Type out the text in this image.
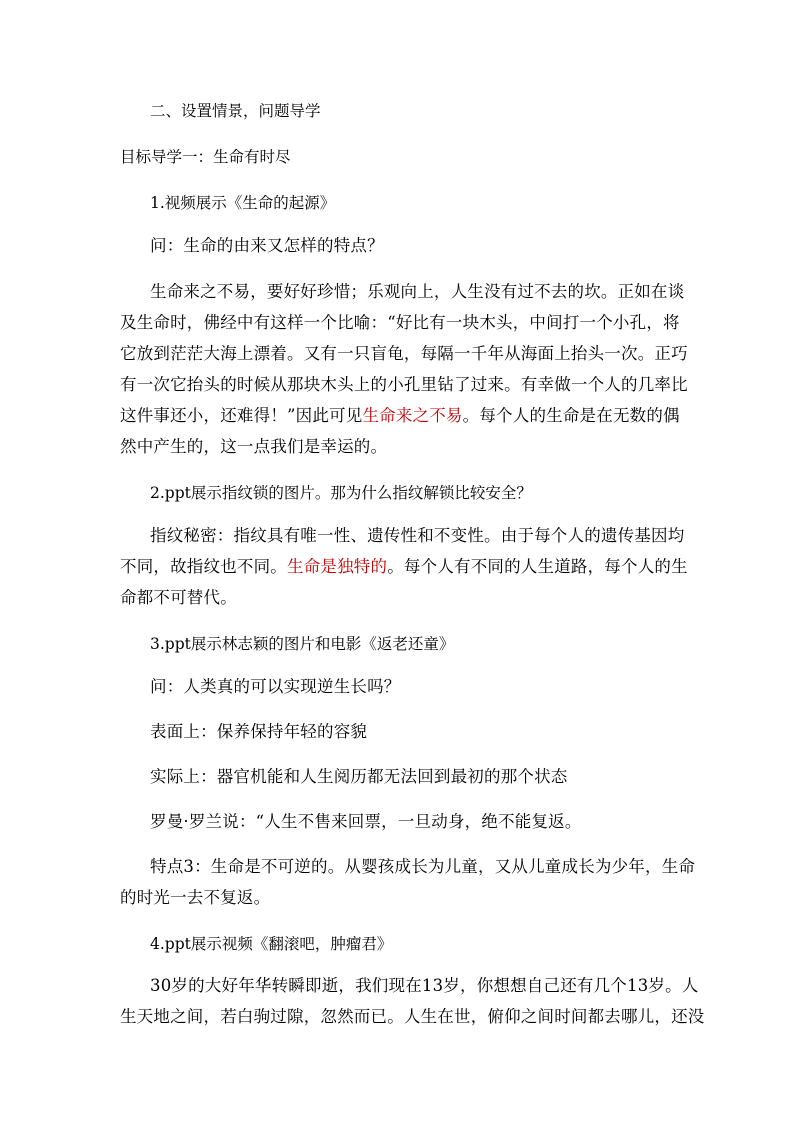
二、设置情景，问题导学
目标导学一：生命有时尽
1.视频展示《生命的起源》
问：生命的由来又怎样的特点？
生命来之不易，要好好珍惜；乐观向上，人生没有过不去的坎。正如在谈
及生命时，佛经中有这样一个比喻：“好比有一块木头，中间打一个小孔，将
它放到茫茫大海上漂着。又有一只盲龟，每隔一千年从海面上抬头一次。正巧
有一次它抬头的时候从那块木头上的小孔里钻了过来。有幸做一个人的几率比
这件事还小，还难得！”因此可见生命来之不易。每个人的生命是在无数的偶
然中产生的，这一点我们是幸运的。
2.ppt展示指纹锁的图片。那为什么指纹解锁比较安全？
指纹秘密：指纹具有唯一性、遗传性和不变性。由于每个人的遗传基因均
不同，故指纹也不同。生命是独特的。每个人有不同的人生道路，每个人的生
命都不可替代。
3.ppt展示林志颖的图片和电影《返老还童》
问：人类真的可以实现逆生长吗？
表面上：保养保持年轻的容貌
实际上：器官机能和人生阅历都无法回到最初的那个状态
罗曼·罗兰说：“人生不售来回票，一旦动身，绝不能复返。
特点3：生命是不可逆的。从婴孩成长为儿童，又从儿童成长为少年，生命
的时光一去不复返。
4.ppt展示视频《翻滚吧，肿瘤君》
30岁的大好年华转瞬即逝，我们现在13岁，你想想自己还有几个13岁。人
生天地之间，若白驹过隙，忽然而已。人生在世，俯仰之间时间都去哪儿，还没
